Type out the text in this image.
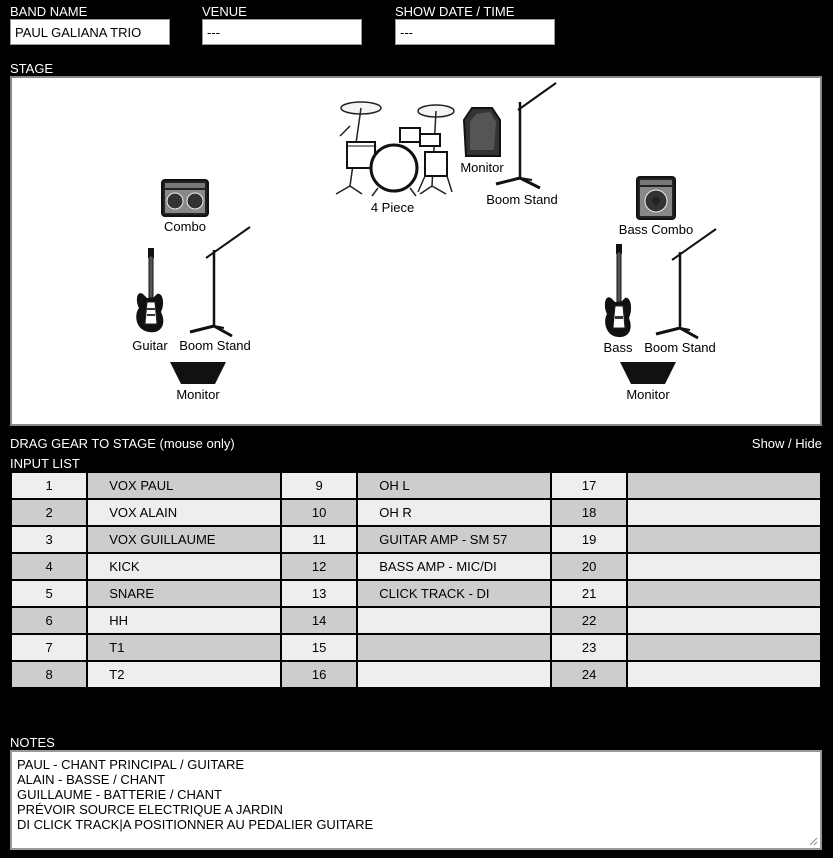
BAND NAME
PAUL GALIANA TRIO
VENUE
---
SHOW DATE / TIME
---
STAGE
4 Piece
Monitor
Boom Stand
Combo
Guitar Boom Stand
Monitor
Bass Combo
Bass Boom Stand
Monitor
DRAG GEAR TO STAGE (mouse only)	Show / Hide
INPUT LIST
1	VOX PAUL	9	OH L	17	
2	VOX ALAIN	10	OH R	18	
3	VOX GUILLAUME	11	GUITAR AMP - SM 57	19	
4	KICK	12	BASS AMP - MIC/DI	20	
5	SNARE	13	CLICK TRACK - DI	21	
6	HH	14		22	
7	T1	15		23	
8	T2	16		24	
NOTES
PAUL - CHANT PRINCIPAL / GUITARE
ALAIN - BASSE / CHANT
GUILLAUME - BATTERIE / CHANT
PRÉVOIR SOURCE ELECTRIQUE A JARDIN
DI CLICK TRACK|A POSITIONNER AU PEDALIER GUITARE
